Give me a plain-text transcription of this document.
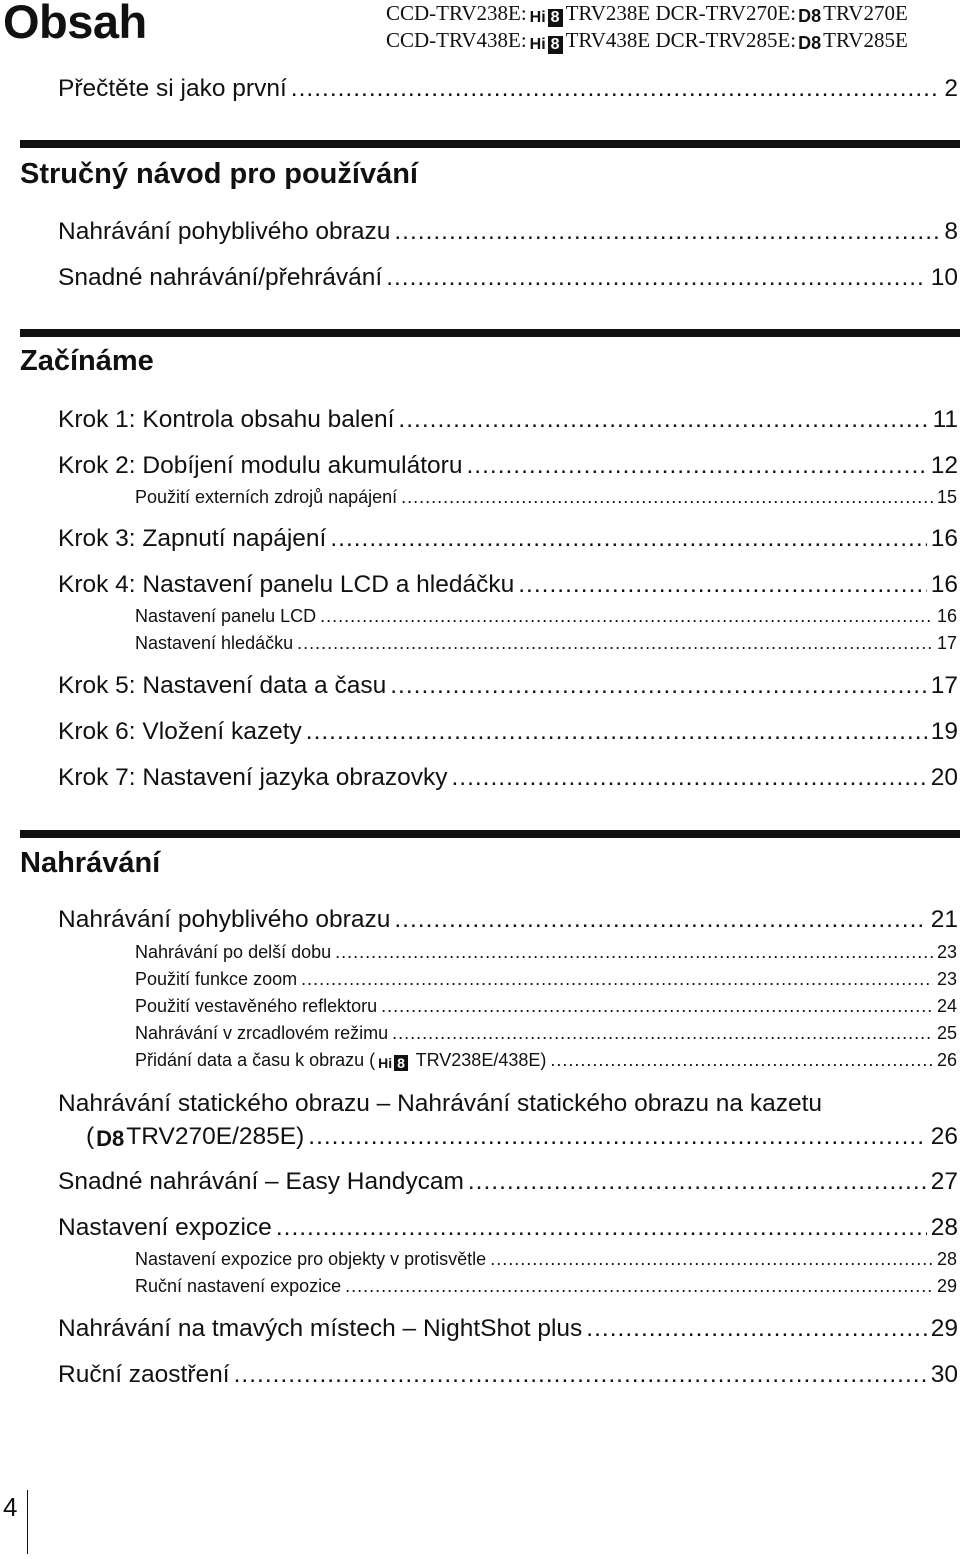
Obsah	CCD-TRV238E: Hi 8 TRV238E DCR-TRV270E: D8TRV270E
CCD-TRV438E: Hi 8 TRV438E DCR-TRV285E: D8TRV285E
Přečtěte si jako první .....	2
Stručný návod pro používání
Nahrávání pohyblivého obrazu .....	8
Snadné nahrávání/přehrávání .....	10
Začínáme
Krok 1: Kontrola obsahu balení .....	11
Krok 2: Dobíjení modulu akumulátoru .....	12
Použití externích zdrojů napájení .....	15
Krok 3: Zapnutí napájení .....	16
Krok 4: Nastavení panelu LCD a hledáčku .....	16
Nastavení panelu LCD .....	16
Nastavení hledáčku .....	17
Krok 5: Nastavení data a času .....	17
Krok 6: Vložení kazety .....	19
Krok 7: Nastavení jazyka obrazovky .....	20
Nahrávání
Nahrávání pohyblivého obrazu .....	21
Nahrávání po delší dobu .....	23
Použití funkce zoom .....	23
Použití vestavěného reflektoru .....	24
Nahrávání v zrcadlovém režimu .....	25
Přidání data a času k obrazu ( Hi 8 TRV238E/438E) .....	26
Nahrávání statického obrazu – Nahrávání statického obrazu na kazetu
(D8TRV270E/285E) .....	26
Snadné nahrávání – Easy Handycam .....	27
Nastavení expozice .....	28
Nastavení expozice pro objekty v protisvětle .....	28
Ruční nastavení expozice .....	29
Nahrávání na tmavých místech – NightShot plus .....	29
Ruční zaostření .....	30
4
